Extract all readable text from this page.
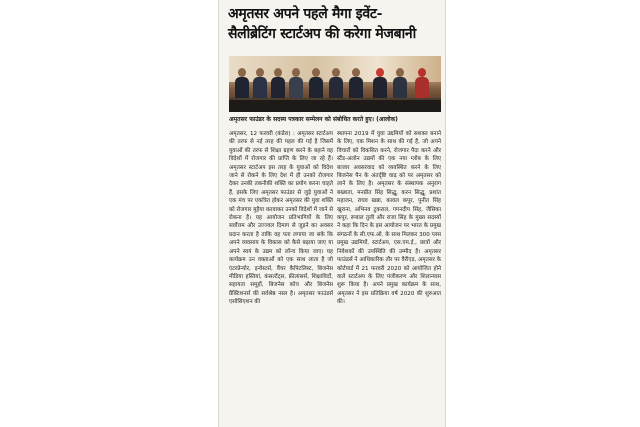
अमृतसर अपने पहले मैगा इवेंट-
सैलीब्रेटिंग स्टार्टअप की करेगा मेजबानी
अमृतसर फाउंडर के सदस्य पत्रकार सम्मेलन को संबोधित करते हुए। (आलोक)

अमृतसर, 12 फरवरी (कंडेरा) : अमृतसर स्टार्टअप की तरफ से नई तरह की पहल की गई है जिसमें युवाओं की तरफ से शिक्षा ग्रहण करने के बहाने वह विदेशों में रोजगार की प्राप्ति के लिए जा रहे हैं। अमृतसर स्टार्टअप इस तरह के युवाओं को विदेश जाने से रोकने के लिए देश में ही उनको रोजगार देकर उनकी तकनीकी शक्ति का प्रयोग करना चाहते हैं, इसके लिए अमृतसर फाउंडर से जुड़े युवाओं ने एक मंच पर एकत्रित होकर अमृतसर की युवा शक्ति को रोजगार मुहैया करवाकर उनको विदेशों में जाने से रोकना है। यह आयोजन प्रतिभागियों के लिए सर्वोत्तम और उज्ज्वल दिमाग से जुड़ने का अवसर प्रदान करता है ताकि वह पता लगाया जा सके कि अपने व्यवसाय के विकास को कैसे बढ़ाया जाए या अपने स्वयं के उद्यम को लॉन्च किया जाए। यह कार्यक्रम उन वक्ताओं को एक साथ लाता है जो एंटरप्रेन्योर, इन्वेस्टर्स, वैंचर कैपिटलिस्ट, बिजनेस मीडिया हस्तियां, कंसल्टेंट्स, फ्रीलांसर्स, शिक्षाविदों, सहायता समूहों, बिजनेस कोच और बिजनेस प्रैक्टिशनर्स की सर्वश्रेष्ठ नस्ल है। अमृतसर फाउंडर्स एसोसिएशन की

स्थापना 2019 में युवा उद्यमियों को सशक्त बनाने के लिए, एक मिशन के साथ की गई है, जो अपने विचारों को विकसित करने, रोजगार पैदा करने और स्टैंड-अलोन उद्यमों की एक नया ग्लोब के लिए बाजार अवसरवाद को व्यवस्थित करने के लिए बिजनेस पैन के अंतर्दृष्टि वाढ़ को पर अमृतसर को लाने के लिए है। अमृतसर के संस्थापक अनुराग बख्शता, मनप्रीत सिंह सिद्धू, करन सिद्धू, प्रशांत महाजन, राघव खन्ना, कावल कपूर, पुनीत सिंह खुराना, अभिनव टुकराल, गगनदीप सिंह, जैसिका कपूर, रूबाल तुली और राजा सिंह के मुख्य सदस्यों ने कहा कि दिन के इस आयोजन पर भारत के प्रमुख संगठनों के सी.एफ.ओ. के साथ मिलकर 300 प्लस प्रमुख उद्यमियों, स्टार्टअप, एस.एम.ई., छात्रों और निवेशकों की उपस्थिति की उम्मीद है। अमृतसर फाउंडर्स ने आधिकारिक तौर पर वैरीएड, अमृतसर के कोर्टयार्ड में 21 फरवरी 2020 को आयोजित होने वाले स्टार्टअप के लिए पंजीकरण और शिलान्यास शुरू किया है। अपने प्रमुख कार्यक्रम के साथ, अमृतसर ने इस प्रतिक्रिया वर्ष 2020 की शुरुआत की।
